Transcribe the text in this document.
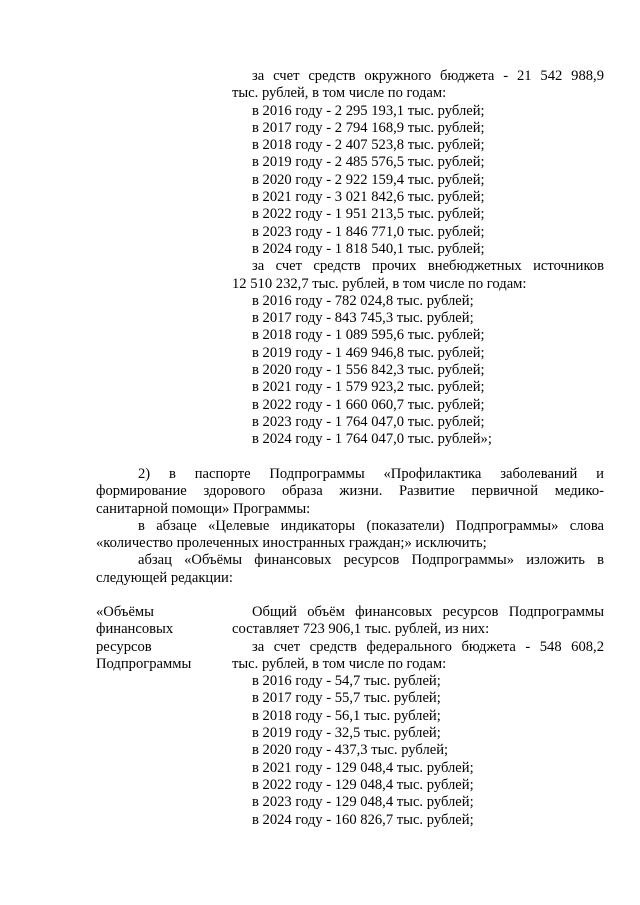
за счет средств окружного бюджета - 21 542 988,9
тыс. рублей, в том числе по годам:
в 2016 году - 2 295 193,1 тыс. рублей;
в 2017 году - 2 794 168,9 тыс. рублей;
в 2018 году - 2 407 523,8 тыс. рублей;
в 2019 году - 2 485 576,5 тыс. рублей;
в 2020 году - 2 922 159,4 тыс. рублей;
в 2021 году - 3 021 842,6 тыс. рублей;
в 2022 году - 1 951 213,5 тыс. рублей;
в 2023 году - 1 846 771,0 тыс. рублей;
в 2024 году - 1 818 540,1 тыс. рублей;
за счет средств прочих внебюджетных источников
12 510 232,7 тыс. рублей, в том числе по годам:
в 2016 году - 782 024,8 тыс. рублей;
в 2017 году - 843 745,3 тыс. рублей;
в 2018 году - 1 089 595,6 тыс. рублей;
в 2019 году - 1 469 946,8 тыс. рублей;
в 2020 году - 1 556 842,3 тыс. рублей;
в 2021 году - 1 579 923,2 тыс. рублей;
в 2022 году - 1 660 060,7 тыс. рублей;
в 2023 году - 1 764 047,0 тыс. рублей;
в 2024 году - 1 764 047,0 тыс. рублей»;
2) в паспорте Подпрограммы «Профилактика заболеваний и
формирование здорового образа жизни. Развитие первичной медико-
санитарной помощи» Программы:
в абзаце «Целевые индикаторы (показатели) Подпрограммы» слова
«количество пролеченных иностранных граждан;» исключить;
абзац «Объёмы финансовых ресурсов Подпрограммы» изложить в
следующей редакции:
«Объёмы
финансовых
ресурсов
Подпрограммы
Общий объём финансовых ресурсов Подпрограммы
составляет 723 906,1 тыс. рублей, из них:
за счет средств федерального бюджета - 548 608,2
тыс. рублей, в том числе по годам:
в 2016 году - 54,7 тыс. рублей;
в 2017 году - 55,7 тыс. рублей;
в 2018 году - 56,1 тыс. рублей;
в 2019 году - 32,5 тыс. рублей;
в 2020 году - 437,3 тыс. рублей;
в 2021 году - 129 048,4 тыс. рублей;
в 2022 году - 129 048,4 тыс. рублей;
в 2023 году - 129 048,4 тыс. рублей;
в 2024 году - 160 826,7 тыс. рублей;
